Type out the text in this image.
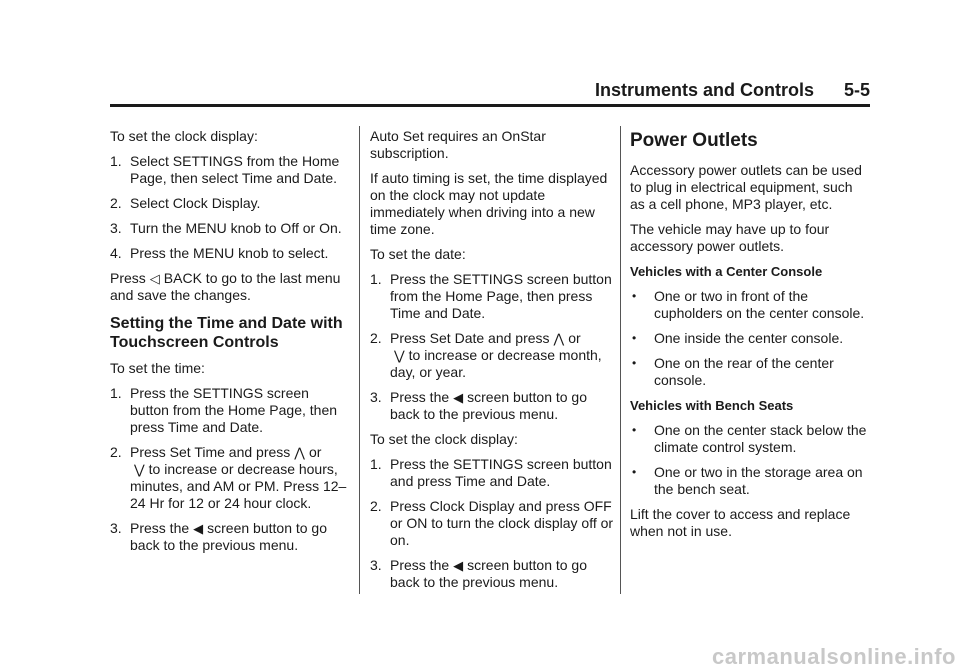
Instruments and Controls 5-5

To set the clock display:

1. Select SETTINGS from the Home Page, then select Time and Date.
2. Select Clock Display.
3. Turn the MENU knob to Off or On.
4. Press the MENU knob to select.

Press ◁ BACK to go to the last menu and save the changes.

Setting the Time and Date with Touchscreen Controls

To set the time:

1. Press the SETTINGS screen button from the Home Page, then press Time and Date.
2. Press Set Time and press ⋀ or
⋁ to increase or decrease hours, minutes, and AM or PM. Press 12–24 Hr for 12 or 24 hour clock.
3. Press the ◀ screen button to go back to the previous menu.

Auto Set requires an OnStar subscription.

If auto timing is set, the time displayed on the clock may not update immediately when driving into a new time zone.

To set the date:

1. Press the SETTINGS screen button from the Home Page, then press Time and Date.
2. Press Set Date and press ⋀ or
⋁ to increase or decrease month, day, or year.
3. Press the ◀ screen button to go back to the previous menu.

To set the clock display:

1. Press the SETTINGS screen button and press Time and Date.
2. Press Clock Display and press OFF or ON to turn the clock display off or on.
3. Press the ◀ screen button to go back to the previous menu.
Power Outlets

Accessory power outlets can be used to plug in electrical equipment, such as a cell phone, MP3 player, etc.

The vehicle may have up to four accessory power outlets.

Vehicles with a Center Console

•	One or two in front of the cupholders on the center console.
•	One inside the center console.
•	One on the rear of the center console.

Vehicles with Bench Seats

•	One on the center stack below the climate control system.
•	One or two in the storage area on the bench seat.

Lift the cover to access and replace when not in use.

carmanualsonline.info
